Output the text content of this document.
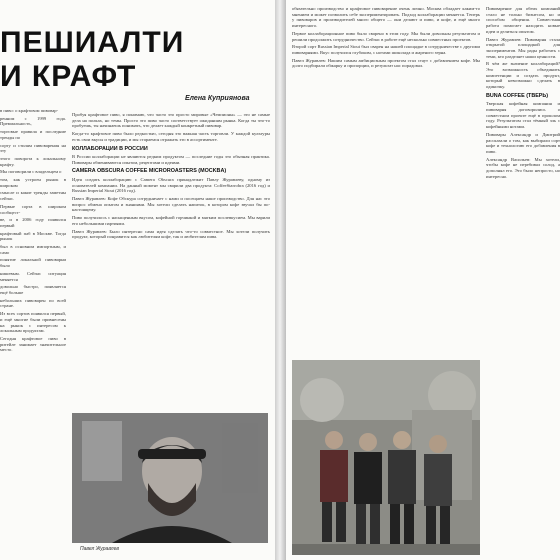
ПЕШИАЛТИ
И КРАФТ
Елена Куприянова

в пиво: о крафтовом пивовар-

ренном с 1999 года. Премиальность,

торговые правила и последние тренды по

сорту и стилям пивоварения на эту

этого поворота к локальному крафту.

Мы поговорили с владельцем о

том, как устроен рынок в широком

смысле и какие тренды заметны сейчас.

Первые сорта в широком сообщест-

ве, и в 2006 году появился первый

крафтовый паб в Москве. Тогда рынок

был в основном импортным, и само

понятие локальной пивоварни было

нишевым. Сейчас ситуация меняется

довольно быстро, появляется ещё больше

небольших пивоварен по всей стране.

Из всех сортов появился первый, и ещё многие были привнесены на рынок с интересом к локальным продуктам.

Сегодня крафтовое пиво в ритейле занимает значительное место.

Пробуя крафтовое пиво, я понимаю, что часто это просто мировые «Чемпионы» — это не самые дела на полках, но темы. Просто это пиво часто соответствует ожиданиям рынка. Когда ты что-то пробуешь, ты начинаешь понимать, что делает каждый конкретный пивовар.

Когда-то крафтовое пиво было редкостью, сегодня это важная часть торговли. У каждой культуры есть свои вкусы и традиции, и мы стараемся отражать это в ассортименте.

КОЛЛАБОРАЦИИ В РОССИИ

В России коллаборации не являются редким продуктом — последние годы это обычная практика. Пивовары обмениваются опытом, рецептами и идеями.

CAMERA OBSCURA COFFEE MICROROASTERS (MOCKBA)

Идея создать коллаборацию с Camera Obscura принадлежит Павлу Журавлеву, одному из основателей компании. На данный момент мы сварили два продукта: CoffeeStarrobra (2016 год) и Russian Imperial Stout (2016 год).

Павел Журавлев: Кофе Обскура сотрудничает с нами и посещаем наше производство. Для нас это вопрос обмена опытом и знаниями. Мы хотели сделать напиток, в котором кофе звучал бы по-настоящему.

Пиво получилось с насыщенным вкусом, кофейной горчинкой и мягким послевкусием. Мы варили его небольшими партиями.

Павел Журавлев: Было интересно сама идея сделать что-то совместное. Мы хотели получить продукт, который понравится как любителям кофе, так и любителям пива.

Павел Журавлев

обязательно производство и крафтовое пивоварение очень лично. Москва обладает каким-то мнением и может позволить себе экспериментировать. Подход коллаборации меняется. Теперь у пивоваров и производителей много общего — они делают и пиво, и кофе, и ещё много интересного.

Первое коллаборационное пиво было сварено в этом году. Мы были довольны результатом и решили продолжить сотрудничество. Сейчас в работе ещё несколько совместных проектов.

Второй сорт Russian Imperial Stout был сварен на нашей площадке в сотрудничестве с другими пивоварнями. Вкус получился глубоким, с нотами шоколада и жареного зерна.

Павел Журавлев: Нашим самым амбициозным проектом стал стаут с добавлением кофе. Мы долго подбирали обжарку и пропорции, и результат нас порадовал.

Пивоварение для обеих компаний стало не только бизнесом, но и способом общения. Совместная работа помогает находить новые идеи и делиться опытом.

Павел Журавлев: Пивоварня стала открытой площадкой для экспериментов. Мы рады работать с теми, кто разделяет наши ценности.

В чём же значение коллабораций? Это возможность объединить компетенции и создать продукт, который невозможно сделать в одиночку.

BUNA COFFEE (ТВЕРЬ)

Тверская кофейная компания и пивоварня договорились о совместном проекте ещё в прошлом году. Результатом стал тёмный эль с кофейными нотами.

Пивовары Александр и Дмитрий рассказали о том, как выбирали сорт кофе и технологию его добавления в пиво.

Александр Васильев: Мы хотели, чтобы кофе не перебивал солод, а дополнял его. Это было непросто, но интересно.
